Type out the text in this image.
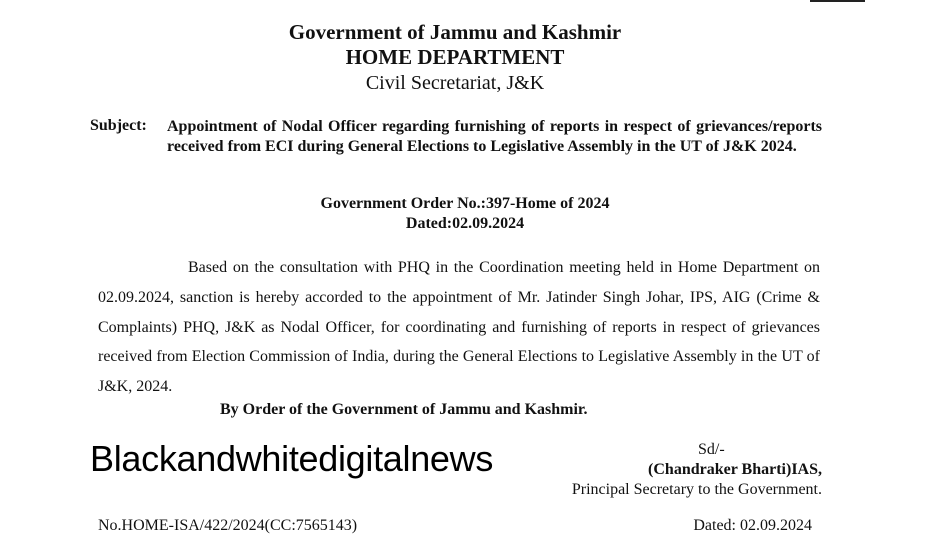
Government of Jammu and Kashmir
HOME DEPARTMENT
Civil Secretariat, J&K
Subject: Appointment of Nodal Officer regarding furnishing of reports in respect of grievances/reports received from ECI during General Elections to Legislative Assembly in the UT of J&K 2024.
Government Order No.:397-Home of 2024
Dated:02.09.2024
Based on the consultation with PHQ in the Coordination meeting held in Home Department on 02.09.2024, sanction is hereby accorded to the appointment of Mr. Jatinder Singh Johar, IPS, AIG (Crime & Complaints) PHQ, J&K as Nodal Officer, for coordinating and furnishing of reports in respect of grievances received from Election Commission of India, during the General Elections to Legislative Assembly in the UT of J&K, 2024.
By Order of the Government of Jammu and Kashmir.
Blackandwhitedigitalnews	Sd/-
(Chandraker Bharti)IAS,
Principal Secretary to the Government.
No.HOME-ISA/422/2024(CC:7565143)	Dated: 02.09.2024
